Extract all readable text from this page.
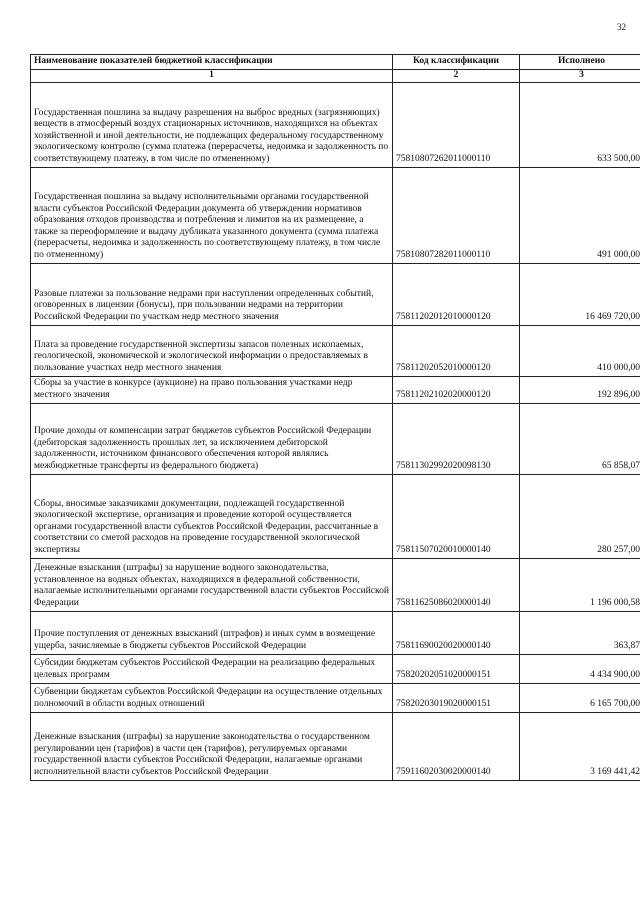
32
Наименование показателей бюджетной классификации	Код классификации	Исполнено
1	2	3
Государственная пошлина за выдачу разрешения на выброс вредных (загрязняющих) веществ в атмосферный воздух стационарных источников, находящихся на объектах хозяйственной и иной деятельности, не подлежащих федеральному государственному экологическому контролю (сумма платежа (перерасчеты, недоимка и задолженность по соответствующему платежу, в том числе по отмененному)	75810807262011000110	633 500,00
Государственная пошлина за выдачу исполнительными органами государственной власти субъектов Российской Федерации документа об утверждении нормативов образования отходов производства и потребления и лимитов на их размещение, а также за переоформление и выдачу дубликата указанного документа (сумма платежа (перерасчеты, недоимка и задолженность по соответствующему платежу, в том числе по отмененному)	75810807282011000110	491 000,00
Разовые платежи за пользование недрами при наступлении определенных событий, оговоренных в лицензии (бонусы), при пользовании недрами на территории Российской Федерации по участкам недр местного значения	75811202012010000120	16 469 720,00
Плата за проведение государственной экспертизы запасов полезных ископаемых, геологической, экономической и экологической информации о предоставляемых в пользование участках недр местного значения	75811202052010000120	410 000,00
Сборы за участие в конкурсе (аукционе) на право пользования участками недр местного значения	75811202102020000120	192 896,00
Прочие доходы от компенсации затрат бюджетов субъектов Российской Федерации (дебиторская задолженность прошлых лет, за исключением дебиторской задолженности, источником финансового обеспечения которой являлись межбюджетные трансферты из федерального бюджета)	75811302992020098130	65 858,07
Сборы, вносимые заказчиками документации, подлежащей государственной экологической экспертизе, организация и проведение которой осуществляется органами государственной власти субъектов Российской Федерации, рассчитанные в соответствии со сметой расходов на проведение государственной экологической экспертизы	75811507020010000140	280 257,00
Денежные взыскания (штрафы) за нарушение водного законодательства, установленное на водных объектах, находящихся в федеральной собственности, налагаемые исполнительными органами государственной власти субъектов Российской Федерации	75811625086020000140	1 196 000,58
Прочие поступления от денежных взысканий (штрафов) и иных сумм в возмещение ущерба, зачисляемые в бюджеты субъектов Российской Федерации	75811690020020000140	363,87
Субсидии бюджетам субъектов Российской Федерации на реализацию федеральных целевых программ	75820202051020000151	4 434 900,00
Субвенции бюджетам субъектов Российской Федерации на осуществление отдельных полномочий в области водных отношений	75820203019020000151	6 165 700,00
Денежные взыскания (штрафы) за нарушение законодательства о государственном регулировании цен (тарифов) в части цен (тарифов), регулируемых органами государственной власти субъектов Российской Федерации, налагаемые органами исполнительной власти субъектов Российской Федерации	75911602030020000140	3 169 441,42
